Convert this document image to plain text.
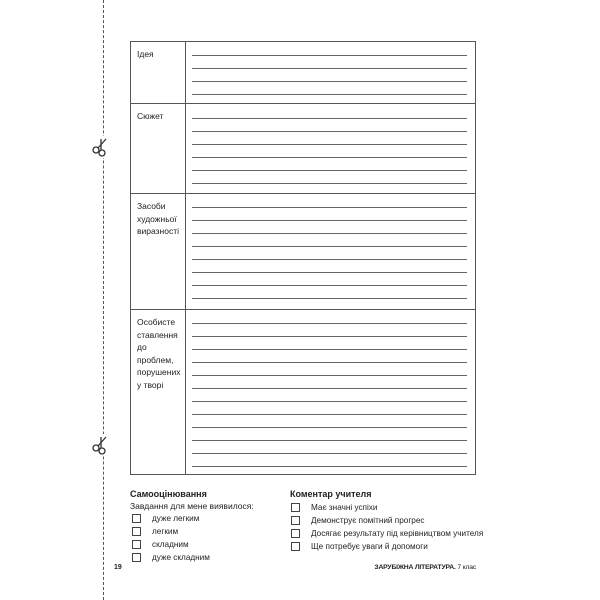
Ідея
Сюжет
Засоби художньої виразності
Особисте ставлення до проблем, порушених у творі
Самооцінювання
Завдання для мене виявилося:
дуже легким
легким
складним
дуже складним
Коментар учителя
Має значні успіхи
Демонструє помітний прогрес
Досягає результату під керівництвом учителя
Ще потребує уваги й допомоги
19	ЗАРУБІЖНА ЛІТЕРАТУРА. 7 клас
